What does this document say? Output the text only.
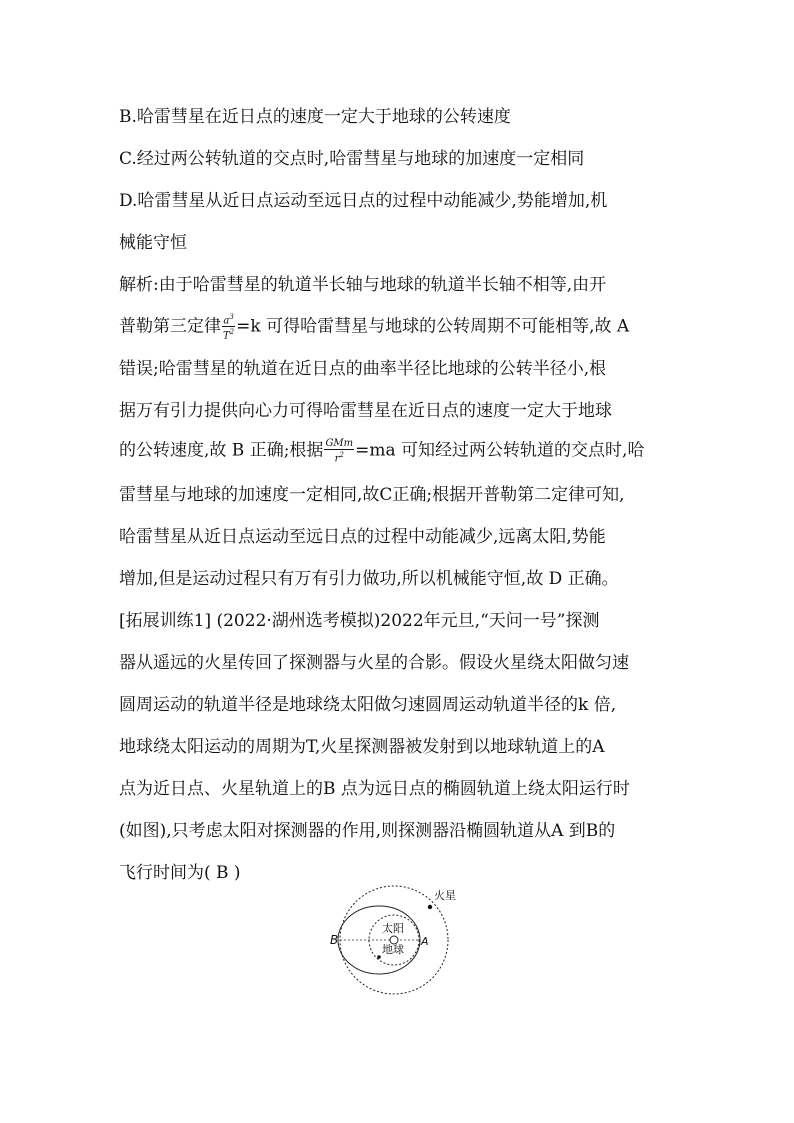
B.哈雷彗星在近日点的速度一定大于地球的公转速度
C.经过两公转轨道的交点时,哈雷彗星与地球的加速度一定相同
D.哈雷彗星从近日点运动至远日点的过程中动能减少,势能增加,机
械能守恒
解析:由于哈雷彗星的轨道半长轴与地球的轨道半长轴不相等,由开
普勒第三定律 $\frac{a^3}{T^2} =k$ 可得哈雷彗星与地球的公转周期不可能相等,故 A
错误;哈雷彗星的轨道在近日点的曲率半径比地球的公转半径小,根
据万有引力提供向心力可得哈雷彗星在近日点的速度一定大于地球
的公转速度,故 B 正确;根据 $\frac{\text{GMm}}{r^2} =ma$ 可知经过两公转轨道的交点时,哈
雷彗星与地球的加速度一定相同,故C正确;根据开普勒第二定律可知,
哈雷彗星从近日点运动至远日点的过程中动能减少,远离太阳,势能
增加,但是运动过程只有万有引力做功,所以机械能守恒,故 D 正确。
[拓展训练1] (2022·湖州选考模拟)2022年元旦,“天问一号”探测
器从遥远的火星传回了探测器与火星的合影。假设火星绕太阳做匀速
圆周运动的轨道半径是地球绕太阳做匀速圆周运动轨道半径的k 倍,
地球绕太阳运动的周期为T,火星探测器被发射到以地球轨道上的A
点为近日点、火星轨道上的B 点为远日点的椭圆轨道上绕太阳运行时
(如图),只考虑太阳对探测器的作用,则探测器沿椭圆轨道从A 到B的
飞行时间为( B )
火星
太阳
地球
B	A
